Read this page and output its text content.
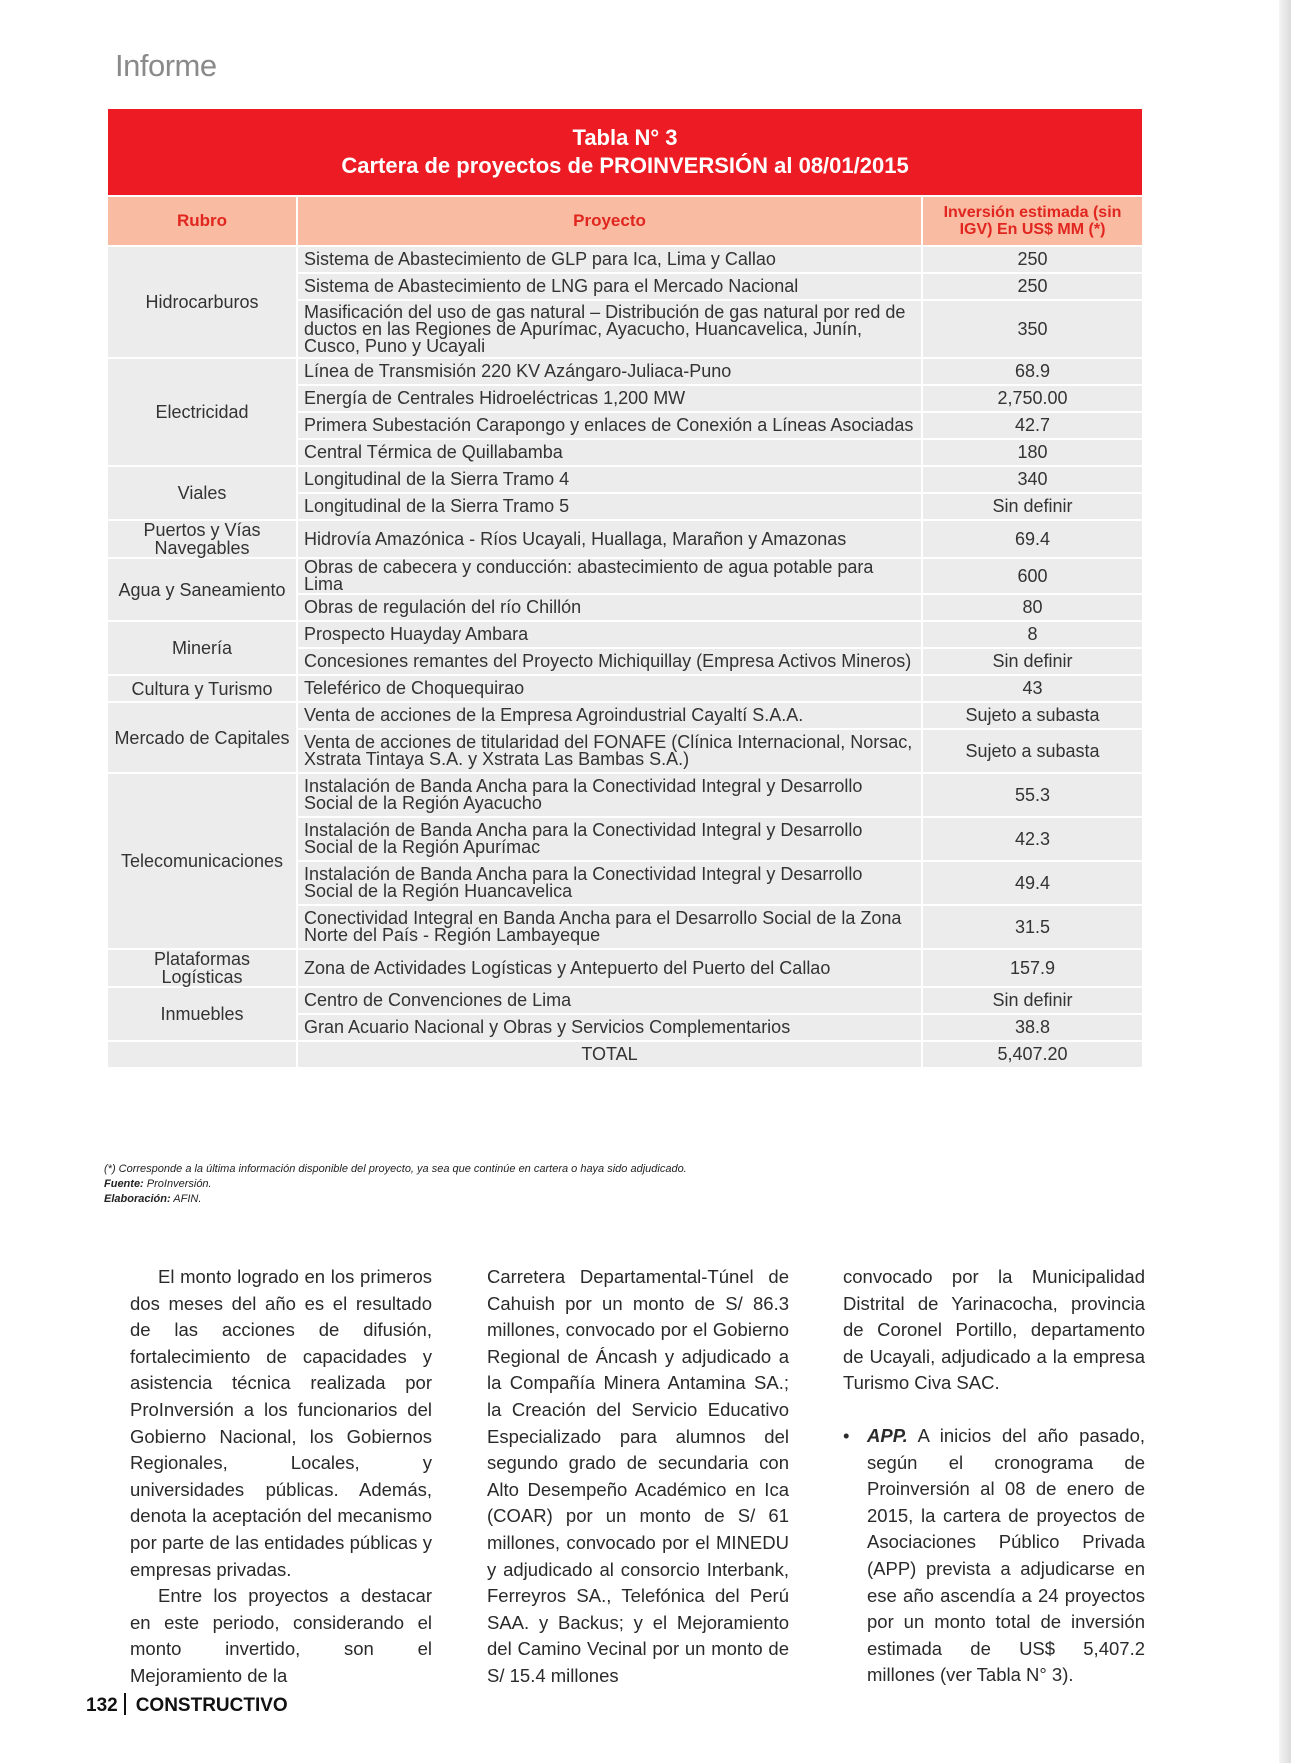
Informe
Tabla N° 3
Cartera de proyectos de PROINVERSIÓN al 08/01/2015		

Rubro	Proyecto	Inversión estimada (sin IGV) En US$ MM (*)
Hidrocarburos	Sistema de Abastecimiento de GLP para Ica, Lima y Callao	250
	Sistema de Abastecimiento de LNG para el Mercado Nacional	250
	Masificación del uso de gas natural – Distribución de gas natural por red de ductos en las Regiones de Apurímac, Ayacucho, Huancavelica, Junín, Cusco, Puno y Ucayali	350
Electricidad	Línea de Transmisión 220 KV Azángaro-Juliaca-Puno	68.9
	Energía de Centrales Hidroeléctricas 1,200 MW	2,750.00
	Primera Subestación Carapongo y enlaces de Conexión a Líneas Asociadas	42.7
	Central Térmica de Quillabamba	180
Viales	Longitudinal de la Sierra Tramo 4	340
	Longitudinal de la Sierra Tramo 5	Sin definir
Puertos y Vías Navegables	Hidrovía Amazónica - Ríos Ucayali, Huallaga, Marañon y Amazonas	69.4
Agua y Saneamiento	Obras de cabecera y conducción: abastecimiento de agua potable para Lima	600
	Obras de regulación del río Chillón	80
Minería	Prospecto Huayday Ambara	8
	Concesiones remantes del Proyecto Michiquillay (Empresa Activos Mineros)	Sin definir
Cultura y Turismo	Teleférico de Choquequirao	43
Mercado de Capitales	Venta de acciones de la Empresa Agroindustrial Cayaltí S.A.A.	Sujeto a subasta
	Venta de acciones de titularidad del FONAFE (Clínica Internacional, Norsac, Xstrata Tintaya S.A. y Xstrata Las Bambas S.A.)	Sujeto a subasta
Telecomunicaciones	Instalación de Banda Ancha para la Conectividad Integral y Desarrollo Social de la Región Ayacucho	55.3
	Instalación de Banda Ancha para la Conectividad Integral y Desarrollo Social de la Región Apurímac	42.3
	Instalación de Banda Ancha para la Conectividad Integral y Desarrollo Social de la Región Huancavelica	49.4
	Conectividad Integral en Banda Ancha para el Desarrollo Social de la Zona Norte del País - Región Lambayeque	31.5
Plataformas Logísticas	Zona de Actividades Logísticas y Antepuerto del Puerto del Callao	157.9
Inmuebles	Centro de Convenciones de Lima	Sin definir
	Gran Acuario Nacional y Obras y Servicios Complementarios	38.8
	TOTAL	5,407.20
(*) Corresponde a la última información disponible del proyecto, ya sea que continúe en cartera o haya sido adjudicado.
Fuente: ProInversión.
Elaboración: AFIN.

El monto logrado en los primeros dos meses del año es el resultado de las acciones de difusión, fortalecimiento de capacidades y asistencia técnica realizada por ProInversión a los funcionarios del Gobierno Nacional, los Gobiernos Regionales, Locales, y universidades públicas. Además, denota la aceptación del mecanismo por parte de las entidades públicas y empresas privadas.

Entre los proyectos a destacar en este periodo, considerando el monto invertido, son el Mejoramiento de la

Carretera Departamental-Túnel de Cahuish por un monto de S/ 86.3 millones, convocado por el Gobierno Regional de Áncash y adjudicado a la Compañía Minera Antamina SA.; la Creación del Servicio Educativo Especializado para alumnos del segundo grado de secundaria con Alto Desempeño Académico en Ica (COAR) por un monto de S/ 61 millones, convocado por el MINEDU y adjudicado al consorcio Interbank, Ferreyros SA., Telefónica del Perú SAA. y Backus; y el Mejoramiento del Camino Vecinal por un monto de S/ 15.4 millones

convocado por la Municipalidad Distrital de Yarinacocha, provincia de Coronel Portillo, departamento de Ucayali, adjudicado a la empresa Turismo Civa SAC.

• APP. A inicios del año pasado, según el cronograma de Proinversión al 08 de enero de 2015, la cartera de proyectos de Asociaciones Público Privada (APP) prevista a adjudicarse en ese año ascendía a 24 proyectos por un monto total de inversión estimada de US$ 5,407.2 millones (ver Tabla N° 3).

132 CONSTRUCTIVO
